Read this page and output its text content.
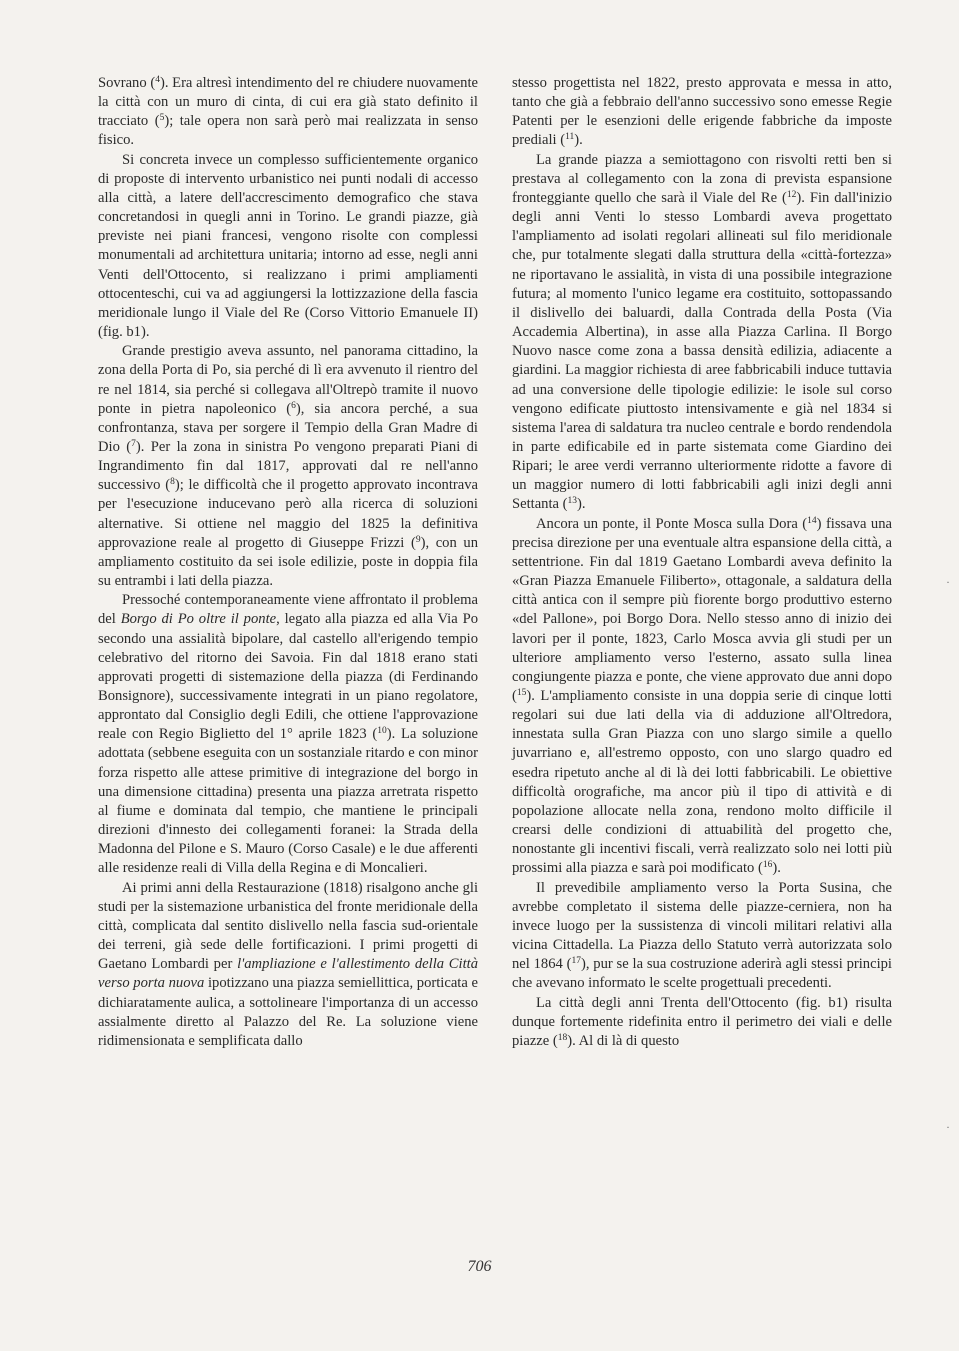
Sovrano ($^4$). Era altresì intendimento del re chiudere nuovamente la città con un muro di cinta, di cui era già stato definito il tracciato ($^5$); tale opera non sarà però mai realizzata in senso fisico.

Si concreta invece un complesso sufficientemente organico di proposte di intervento urbanistico nei punti nodali di accesso alla città, a latere dell'accrescimento demografico che stava concretandosi in quegli anni in Torino. Le grandi piazze, già previste nei piani francesi, vengono risolte con complessi monumentali ad architettura unitaria; intorno ad esse, negli anni Venti dell'Ottocento, si realizzano i primi ampliamenti ottocenteschi, cui va ad aggiungersi la lottizzazione della fascia meridionale lungo il Viale del Re (Corso Vittorio Emanuele II) (fig. b1).

Grande prestigio aveva assunto, nel panorama cittadino, la zona della Porta di Po, sia perché di lì era avvenuto il rientro del re nel 1814, sia perché si collegava all'Oltrepò tramite il nuovo ponte in pietra napoleonico ($^6$), sia ancora perché, a sua confrontanza, stava per sorgere il Tempio della Gran Madre di Dio ($^7$). Per la zona in sinistra Po vengono preparati Piani di Ingrandimento fin dal 1817, approvati dal re nell'anno successivo ($^8$); le difficoltà che il progetto approvato incontrava per l'esecuzione inducevano però alla ricerca di soluzioni alternative. Si ottiene nel maggio del 1825 la definitiva approvazione reale al progetto di Giuseppe Frizzi ($^9$), con un ampliamento costituito da sei isole edilizie, poste in doppia fila su entrambi i lati della piazza.

Pressoché contemporaneamente viene affrontato il problema del Borgo di Po oltre il ponte, legato alla piazza ed alla Via Po secondo una assialità bipolare, dal castello all'erigendo tempio celebrativo del ritorno dei Savoia. Fin dal 1818 erano stati approvati progetti di sistemazione della piazza (di Ferdinando Bonsignore), successivamente integrati in un piano regolatore, approntato dal Consiglio degli Edili, che ottiene l'approvazione reale con Regio Biglietto del 1° aprile 1823 ($^{10}$). La soluzione adottata (sebbene eseguita con un sostanziale ritardo e con minor forza rispetto alle attese primitive di integrazione del borgo in una dimensione cittadina) presenta una piazza arretrata rispetto al fiume e dominata dal tempio, che mantiene le principali direzioni d'innesto dei collegamenti foranei: la Strada della Madonna del Pilone e S. Mauro (Corso Casale) e le due afferenti alle residenze reali di Villa della Regina e di Moncalieri.

Ai primi anni della Restaurazione (1818) risalgono anche gli studi per la sistemazione urbanistica del fronte meridionale della città, complicata dal sentito dislivello nella fascia sud-orientale dei terreni, già sede delle fortificazioni. I primi progetti di Gaetano Lombardi per l'ampliazione e l'allestimento della Città verso porta nuova ipotizzano una piazza semiellittica, porticata e dichiaratamente aulica, a sottolineare l'importanza di un accesso assialmente diretto al Palazzo del Re. La soluzione viene ridimensionata e semplificata dallo

stesso progettista nel 1822, presto approvata e messa in atto, tanto che già a febbraio dell'anno successivo sono emesse Regie Patenti per le esenzioni delle erigende fabbriche da imposte prediali ($^{11}$).

La grande piazza a semiottagono con risvolti retti ben si prestava al collegamento con la zona di prevista espansione fronteggiante quello che sarà il Viale del Re ($^{12}$). Fin dall'inizio degli anni Venti lo stesso Lombardi aveva progettato l'ampliamento ad isolati regolari allineati sul filo meridionale che, pur totalmente slegati dalla struttura della «città-fortezza» ne riportavano le assialità, in vista di una possibile integrazione futura; al momento l'unico legame era costituito, sottopassando il dislivello dei baluardi, dalla Contrada della Posta (Via Accademia Albertina), in asse alla Piazza Carlina. Il Borgo Nuovo nasce come zona a bassa densità edilizia, adiacente a giardini. La maggior richiesta di aree fabbricabili induce tuttavia ad una conversione delle tipologie edilizie: le isole sul corso vengono edificate piuttosto intensivamente e già nel 1834 si sistema l'area di saldatura tra nucleo centrale e bordo rendendola in parte edificabile ed in parte sistemata come Giardino dei Ripari; le aree verdi verranno ulteriormente ridotte a favore di un maggior numero di lotti fabbricabili agli inizi degli anni Settanta ($^{13}$).

Ancora un ponte, il Ponte Mosca sulla Dora ($^{14}$) fissava una precisa direzione per una eventuale altra espansione della città, a settentrione. Fin dal 1819 Gaetano Lombardi aveva definito la «Gran Piazza Emanuele Filiberto», ottagonale, a saldatura della città antica con il sempre più fiorente borgo produttivo esterno «del Pallone», poi Borgo Dora. Nello stesso anno di inizio dei lavori per il ponte, 1823, Carlo Mosca avvia gli studi per un ulteriore ampliamento verso l'esterno, assato sulla linea congiungente piazza e ponte, che viene approvato due anni dopo ($^{15}$). L'ampliamento consiste in una doppia serie di cinque lotti regolari sui due lati della via di adduzione all'Oltredora, innestata sulla Gran Piazza con uno slargo simile a quello juvarriano e, all'estremo opposto, con uno slargo quadro ed esedra ripetuto anche al di là dei lotti fabbricabili. Le obiettive difficoltà orografiche, ma ancor più il tipo di attività e di popolazione allocate nella zona, rendono molto difficile il crearsi delle condizioni di attuabilità del progetto che, nonostante gli incentivi fiscali, verrà realizzato solo nei lotti più prossimi alla piazza e sarà poi modificato ($^{16}$).

Il prevedibile ampliamento verso la Porta Susina, che avrebbe completato il sistema delle piazze-cerniera, non ha invece luogo per la sussistenza di vincoli militari relativi alla vicina Cittadella. La Piazza dello Statuto verrà autorizzata solo nel 1864 ($^{17}$), pur se la sua costruzione aderirà agli stessi principi che avevano informato le scelte progettuali precedenti.

La città degli anni Trenta dell'Ottocento (fig. b1) risulta dunque fortemente ridefinita entro il perimetro dei viali e delle piazze ($^{18}$). Al di là di questo

706
·
·
